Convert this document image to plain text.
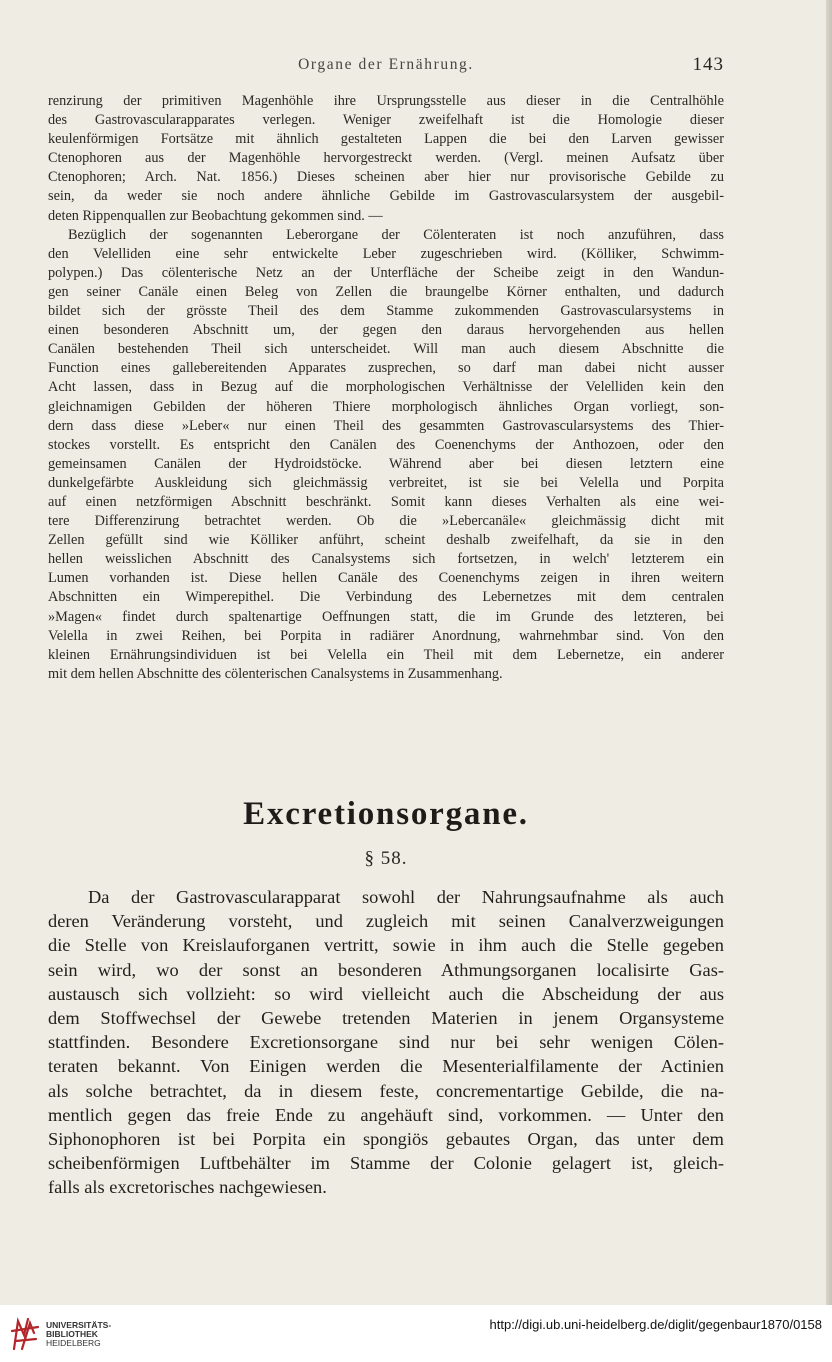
Organe der Ernährung.	143
renzirung der primitiven Magenhöhle ihre Ursprungsstelle aus dieser in die Centralhöhle
des Gastrovascularapparates verlegen. Weniger zweifelhaft ist die Homologie dieser
keulenförmigen Fortsätze mit ähnlich gestalteten Lappen die bei den Larven gewisser
Ctenophoren aus der Magenhöhle hervorgestreckt werden. (Vergl. meinen Aufsatz über
Ctenophoren; Arch. Nat. 1856.) Dieses scheinen aber hier nur provisorische Gebilde zu
sein, da weder sie noch andere ähnliche Gebilde im Gastrovascularsystem der ausgebil-
deten Rippenquallen zur Beobachtung gekommen sind. —
Bezüglich der sogenannten Leberorgane der Cölenteraten ist noch anzuführen, dass
den Velelliden eine sehr entwickelte Leber zugeschrieben wird. (Kölliker, Schwimm-
polypen.) Das cölenterische Netz an der Unterfläche der Scheibe zeigt in den Wandun-
gen seiner Canäle einen Beleg von Zellen die braungelbe Körner enthalten, und dadurch
bildet sich der grösste Theil des dem Stamme zukommenden Gastrovascularsystems in
einen besonderen Abschnitt um, der gegen den daraus hervorgehenden aus hellen
Canälen bestehenden Theil sich unterscheidet. Will man auch diesem Abschnitte die
Function eines gallebereitenden Apparates zusprechen, so darf man dabei nicht ausser
Acht lassen, dass in Bezug auf die morphologischen Verhältnisse der Velelliden kein den
gleichnamigen Gebilden der höheren Thiere morphologisch ähnliches Organ vorliegt, son-
dern dass diese »Leber« nur einen Theil des gesammten Gastrovascularsystems des Thier-
stockes vorstellt. Es entspricht den Canälen des Coenenchyms der Anthozoen, oder den
gemeinsamen Canälen der Hydroidstöcke. Während aber bei diesen letztern eine
dunkelgefärbte Auskleidung sich gleichmässig verbreitet, ist sie bei Velella und Porpita
auf einen netzförmigen Abschnitt beschränkt. Somit kann dieses Verhalten als eine wei-
tere Differenzirung betrachtet werden. Ob die »Lebercanäle« gleichmässig dicht mit
Zellen gefüllt sind wie Kölliker anführt, scheint deshalb zweifelhaft, da sie in den
hellen weisslichen Abschnitt des Canalsystems sich fortsetzen, in welch' letzterem ein
Lumen vorhanden ist. Diese hellen Canäle des Coenenchyms zeigen in ihren weitern
Abschnitten ein Wimperepithel. Die Verbindung des Lebernetzes mit dem centralen
»Magen« findet durch spaltenartige Oeffnungen statt, die im Grunde des letzteren, bei
Velella in zwei Reihen, bei Porpita in radiärer Anordnung, wahrnehmbar sind. Von den
kleinen Ernährungsindividuen ist bei Velella ein Theil mit dem Lebernetze, ein anderer
mit dem hellen Abschnitte des cölenterischen Canalsystems in Zusammenhang.
Excretionsorgane.
§ 58.
Da der Gastrovascularapparat sowohl der Nahrungsaufnahme als auch
deren Veränderung vorsteht, und zugleich mit seinen Canalverzweigungen
die Stelle von Kreislauforganen vertritt, sowie in ihm auch die Stelle gegeben
sein wird, wo der sonst an besonderen Athmungsorganen localisirte Gas-
austausch sich vollzieht: so wird vielleicht auch die Abscheidung der aus
dem Stoffwechsel der Gewebe tretenden Materien in jenem Organsysteme
stattfinden. Besondere Excretionsorgane sind nur bei sehr wenigen Cölen-
teraten bekannt. Von Einigen werden die Mesenterialfilamente der Actinien
als solche betrachtet, da in diesem feste, concrementartige Gebilde, die na-
mentlich gegen das freie Ende zu angehäuft sind, vorkommen. — Unter den
Siphonophoren ist bei Porpita ein spongiös gebautes Organ, das unter dem
scheibenförmigen Luftbehälter im Stamme der Colonie gelagert ist, gleich-
falls als excretorisches nachgewiesen.
UNIVERSITÄTS-
BIBLIOTHEK
HEIDELBERG
http://digi.ub.uni-heidelberg.de/diglit/gegenbaur1870/0158
